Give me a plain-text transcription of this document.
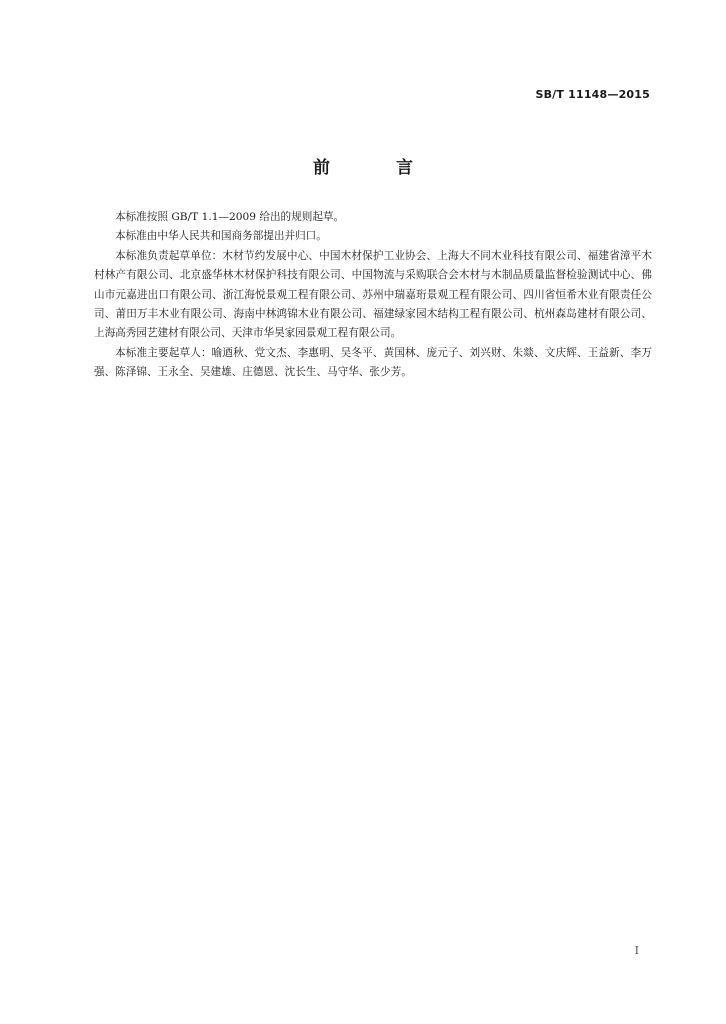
SB/T 11148—2015
前 言

本标准按照 GB/T 1.1—2009 给出的规则起草。

本标准由中华人民共和国商务部提出并归口。

本标准负责起草单位：木材节约发展中心、中国木材保护工业协会、上海大不同木业科技有限公司、福建省漳平木村林产有限公司、北京盛华林木材保护科技有限公司、中国物流与采购联合会木材与木制品质量监督检验测试中心、佛山市元嘉进出口有限公司、浙江海悦景观工程有限公司、苏州中瑞嘉珩景观工程有限公司、四川省恒希木业有限责任公司、莆田万丰木业有限公司、海南中林鸿锦木业有限公司、福建绿家园木结构工程有限公司、杭州森岛建材有限公司、上海高秀园艺建材有限公司、天津市华昊家园景观工程有限公司。

本标准主要起草人：喻迺秋、党文杰、李惠明、吴冬平、黄国林、庞元子、刘兴财、朱燚、文庆辉、王益新、李万强、陈泽锦、王永全、吴建雄、庄德恩、沈长生、马守华、张少芳。

I
